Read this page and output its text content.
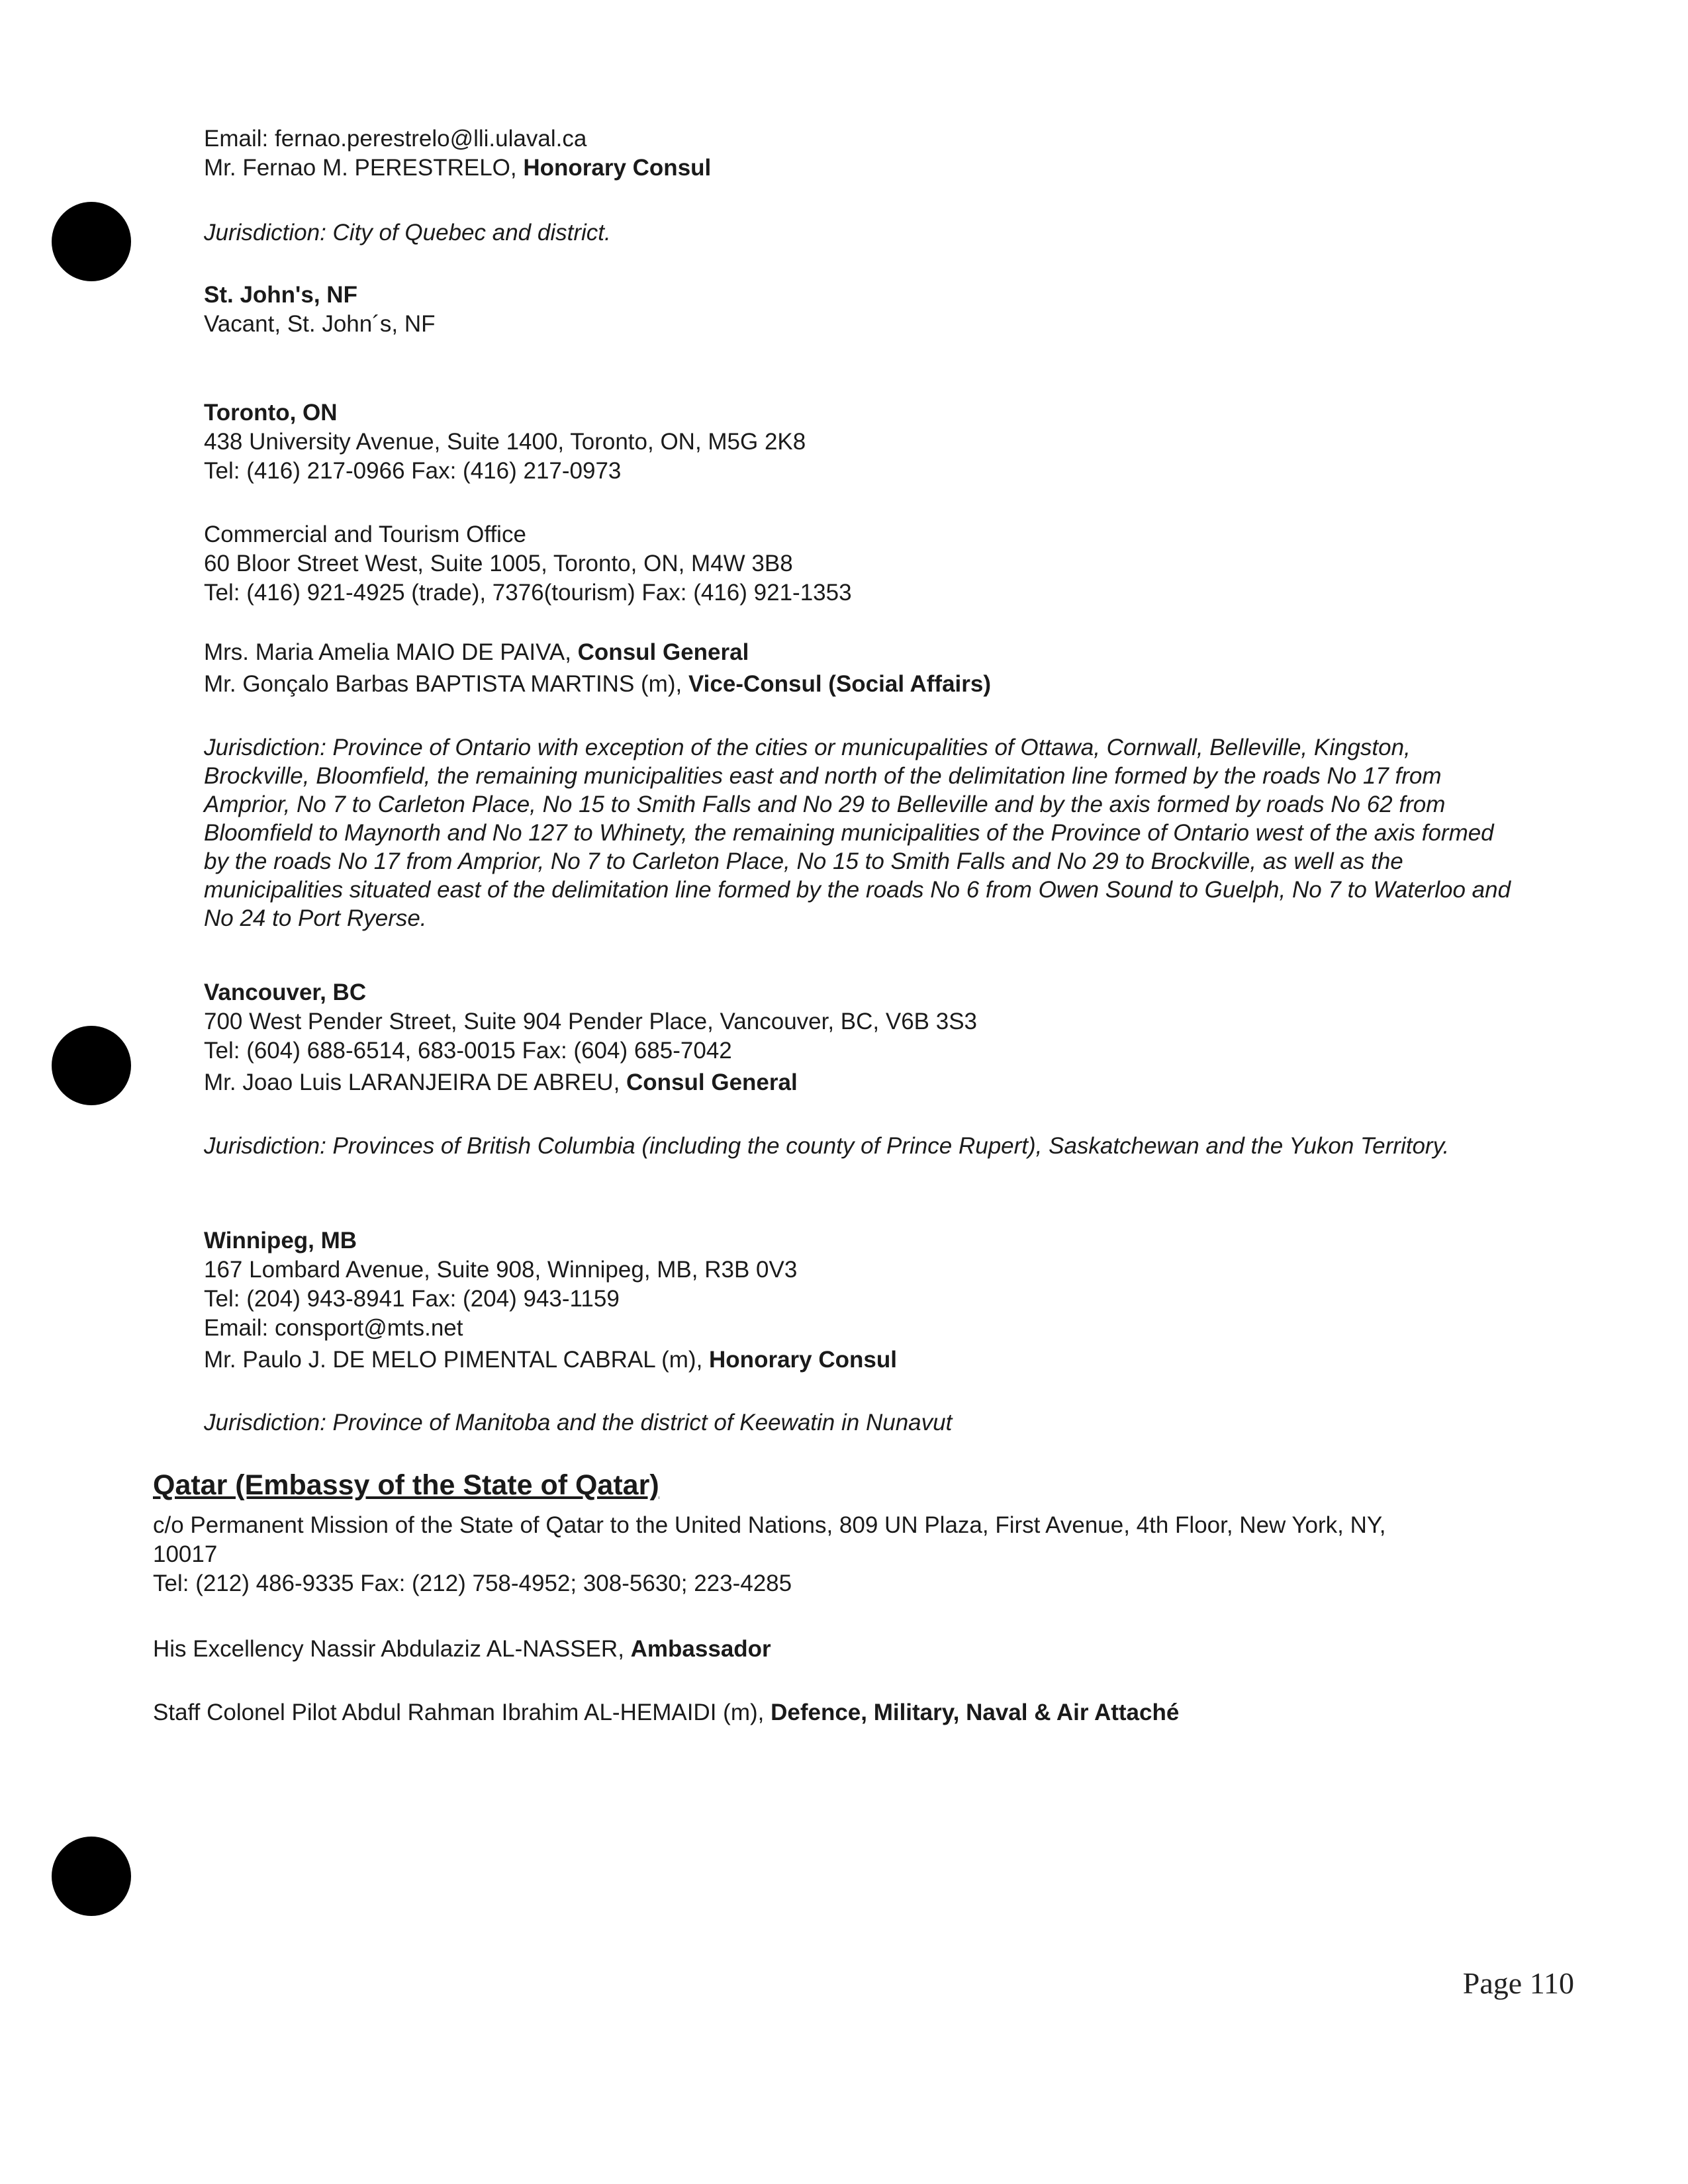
Email: fernao.perestrelo@lli.ulaval.ca
Mr. Fernao M. PERESTRELO, Honorary Consul
Jurisdiction: City of Quebec and district.
St. John's, NF
Vacant, St. John´s, NF
Toronto, ON
438 University Avenue, Suite 1400, Toronto, ON, M5G 2K8
Tel: (416) 217-0966 Fax: (416) 217-0973
Commercial and Tourism Office
60 Bloor Street West, Suite 1005, Toronto, ON, M4W 3B8
Tel: (416) 921-4925 (trade), 7376(tourism) Fax: (416) 921-1353
Mrs. Maria Amelia MAIO DE PAIVA, Consul General
Mr. Gonçalo Barbas BAPTISTA MARTINS (m), Vice-Consul (Social Affairs)
Jurisdiction: Province of Ontario with exception of the cities or municupalities of Ottawa, Cornwall, Belleville, Kingston, Brockville, Bloomfield, the remaining municipalities east and north of the delimitation line formed by the roads No 17 from Amprior, No 7 to Carleton Place, No 15 to Smith Falls and No 29 to Belleville and by the axis formed by roads No 62 from Bloomfield to Maynorth and No 127 to Whinety, the remaining municipalities of the Province of Ontario west of the axis formed by the roads No 17 from Amprior, No 7 to Carleton Place, No 15 to Smith Falls and No 29 to Brockville, as well as the municipalities situated east of the delimitation line formed by the roads No 6 from Owen Sound to Guelph, No 7 to Waterloo and No 24 to Port Ryerse.
Vancouver, BC
700 West Pender Street, Suite 904 Pender Place, Vancouver, BC, V6B 3S3
Tel: (604) 688-6514, 683-0015 Fax: (604) 685-7042
Mr. Joao Luis LARANJEIRA DE ABREU, Consul General
Jurisdiction: Provinces of British Columbia (including the county of Prince Rupert), Saskatchewan and the Yukon Territory.
Winnipeg, MB
167 Lombard Avenue, Suite 908, Winnipeg, MB, R3B 0V3
Tel: (204) 943-8941 Fax: (204) 943-1159
Email: consport@mts.net
Mr. Paulo J. DE MELO PIMENTAL CABRAL (m), Honorary Consul
Jurisdiction: Province of Manitoba and the district of Keewatin in Nunavut
Qatar (Embassy of the State of Qatar)
c/o Permanent Mission of the State of Qatar to the United Nations, 809 UN Plaza, First Avenue, 4th Floor, New York, NY,
10017
Tel: (212) 486-9335 Fax: (212) 758-4952; 308-5630; 223-4285
His Excellency Nassir Abdulaziz AL-NASSER, Ambassador
Staff Colonel Pilot Abdul Rahman Ibrahim AL-HEMAIDI (m), Defence, Military, Naval & Air Attaché
Page 110
